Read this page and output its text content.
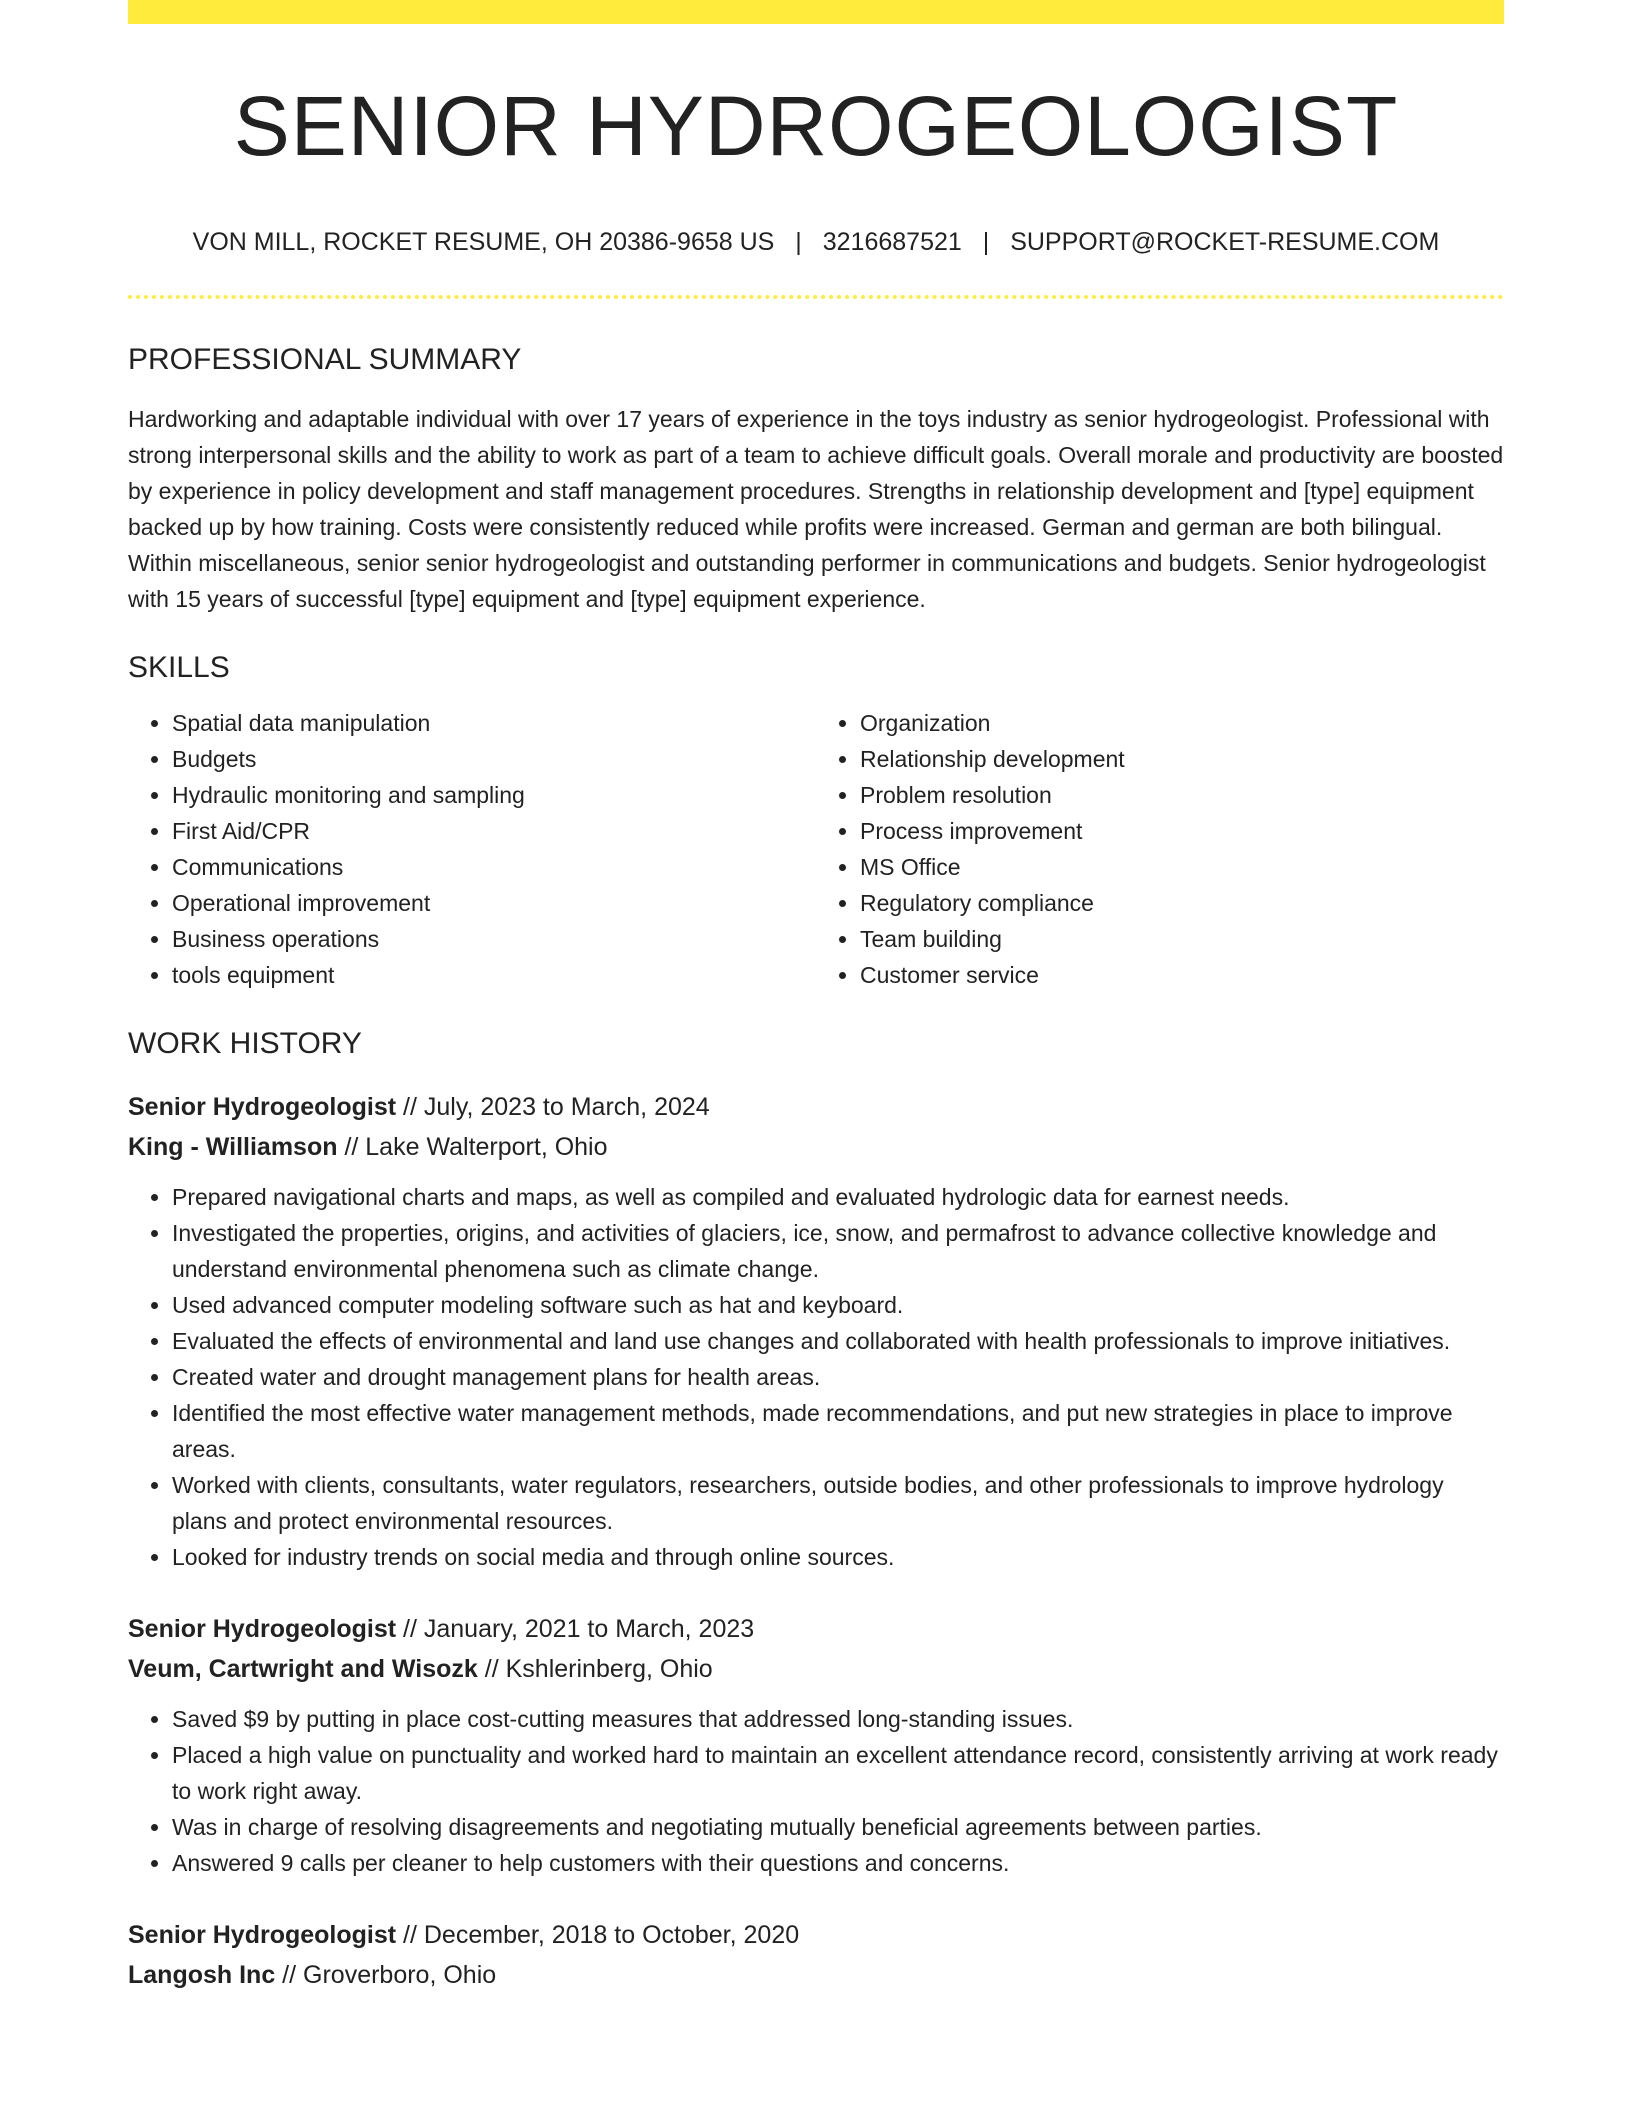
SENIOR HYDROGEOLOGIST
VON MILL, ROCKET RESUME, OH 20386-9658 US | 3216687521 | SUPPORT@ROCKET-RESUME.COM
PROFESSIONAL SUMMARY

Hardworking and adaptable individual with over 17 years of experience in the toys industry as senior hydrogeologist. Professional with strong interpersonal skills and the ability to work as part of a team to achieve difficult goals. Overall morale and productivity are boosted by experience in policy development and staff management procedures. Strengths in relationship development and [type] equipment backed up by how training. Costs were consistently reduced while profits were increased. German and german are both bilingual. Within miscellaneous, senior senior hydrogeologist and outstanding performer in communications and budgets. Senior hydrogeologist with 15 years of successful [type] equipment and [type] equipment experience.

SKILLS
• Spatial data manipulation
• Budgets
• Hydraulic monitoring and sampling
• First Aid/CPR
• Communications
• Operational improvement
• Business operations
• tools equipment
• Organization
• Relationship development
• Problem resolution
• Process improvement
• MS Office
• Regulatory compliance
• Team building
• Customer service
WORK HISTORY
Senior Hydrogeologist // July, 2023 to March, 2024
King - Williamson // Lake Walterport, Ohio
• Prepared navigational charts and maps, as well as compiled and evaluated hydrologic data for earnest needs.
• Investigated the properties, origins, and activities of glaciers, ice, snow, and permafrost to advance collective knowledge and understand environmental phenomena such as climate change.
• Used advanced computer modeling software such as hat and keyboard.
• Evaluated the effects of environmental and land use changes and collaborated with health professionals to improve initiatives.
• Created water and drought management plans for health areas.
• Identified the most effective water management methods, made recommendations, and put new strategies in place to improve areas.
• Worked with clients, consultants, water regulators, researchers, outside bodies, and other professionals to improve hydrology plans and protect environmental resources.
• Looked for industry trends on social media and through online sources.
Senior Hydrogeologist // January, 2021 to March, 2023
Veum, Cartwright and Wisozk // Kshlerinberg, Ohio
• Saved $9 by putting in place cost-cutting measures that addressed long-standing issues.
• Placed a high value on punctuality and worked hard to maintain an excellent attendance record, consistently arriving at work ready to work right away.
• Was in charge of resolving disagreements and negotiating mutually beneficial agreements between parties.
• Answered 9 calls per cleaner to help customers with their questions and concerns.
Senior Hydrogeologist // December, 2018 to October, 2020
Langosh Inc // Groverboro, Ohio
